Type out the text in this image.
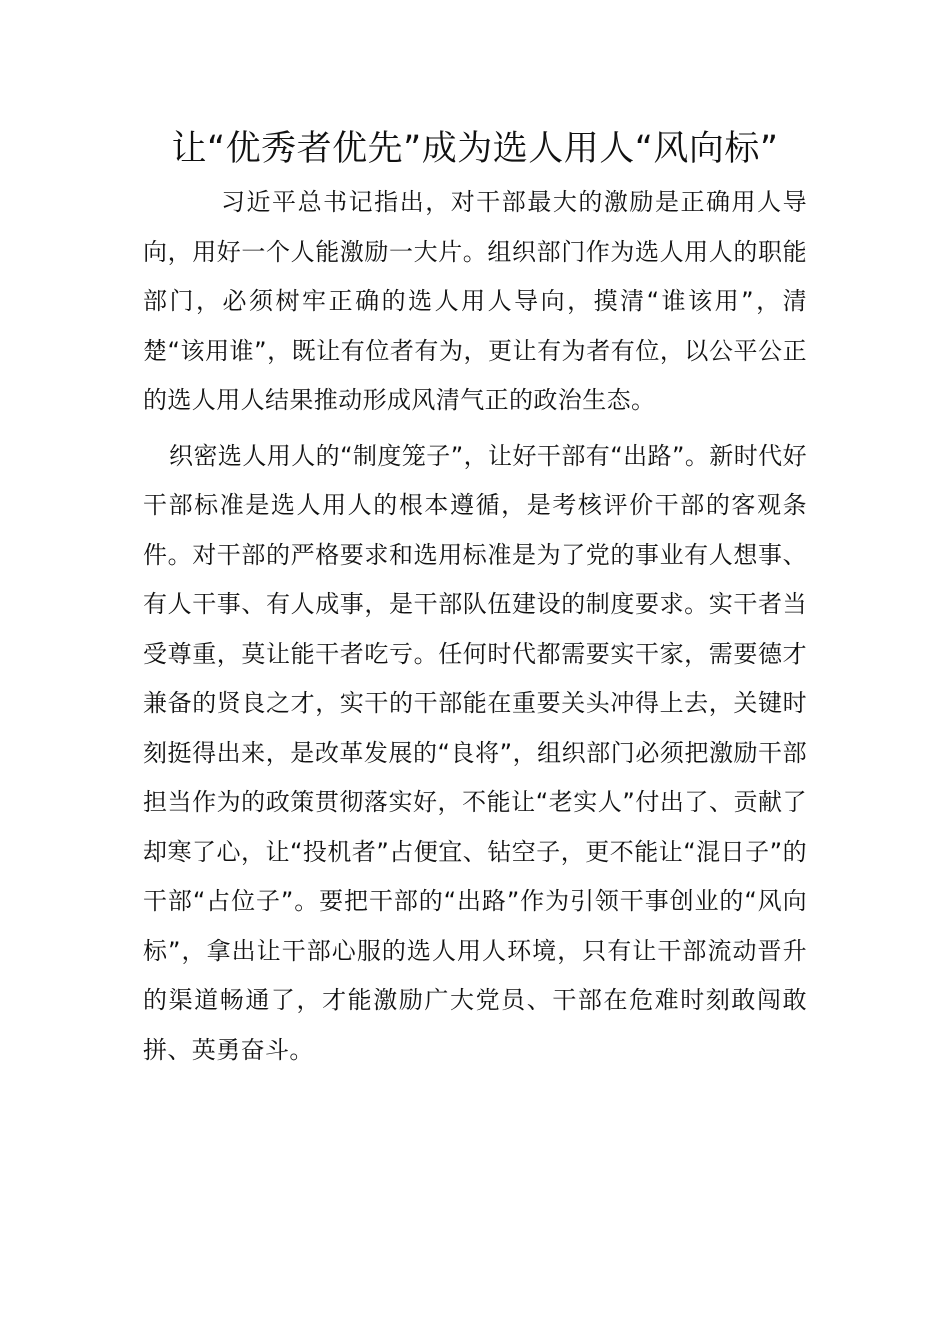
让“优秀者优先”成为选人用人“风向标”

习近平总书记指出，对干部最大的激励是正确用人导向，用好一个人能激励一大片。组织部门作为选人用人的职能部门，必须树牢正确的选人用人导向，摸清“谁该用”，清楚“该用谁”，既让有位者有为，更让有为者有位，以公平公正的选人用人结果推动形成风清气正的政治生态。

织密选人用人的“制度笼子”，让好干部有“出路”。新时代好干部标准是选人用人的根本遵循，是考核评价干部的客观条件。对干部的严格要求和选用标准是为了党的事业有人想事、有人干事、有人成事，是干部队伍建设的制度要求。实干者当受尊重，莫让能干者吃亏。任何时代都需要实干家，需要德才兼备的贤良之才，实干的干部能在重要关头冲得上去，关键时刻挺得出来，是改革发展的“良将”，组织部门必须把激励干部担当作为的政策贯彻落实好，不能让“老实人”付出了、贡献了却寒了心，让“投机者”占便宜、钻空子，更不能让“混日子”的干部“占位子”。要把干部的“出路”作为引领干事创业的“风向标”，拿出让干部心服的选人用人环境，只有让干部流动晋升的渠道畅通了，才能激励广大党员、干部在危难时刻敢闯敢拼、英勇奋斗。
